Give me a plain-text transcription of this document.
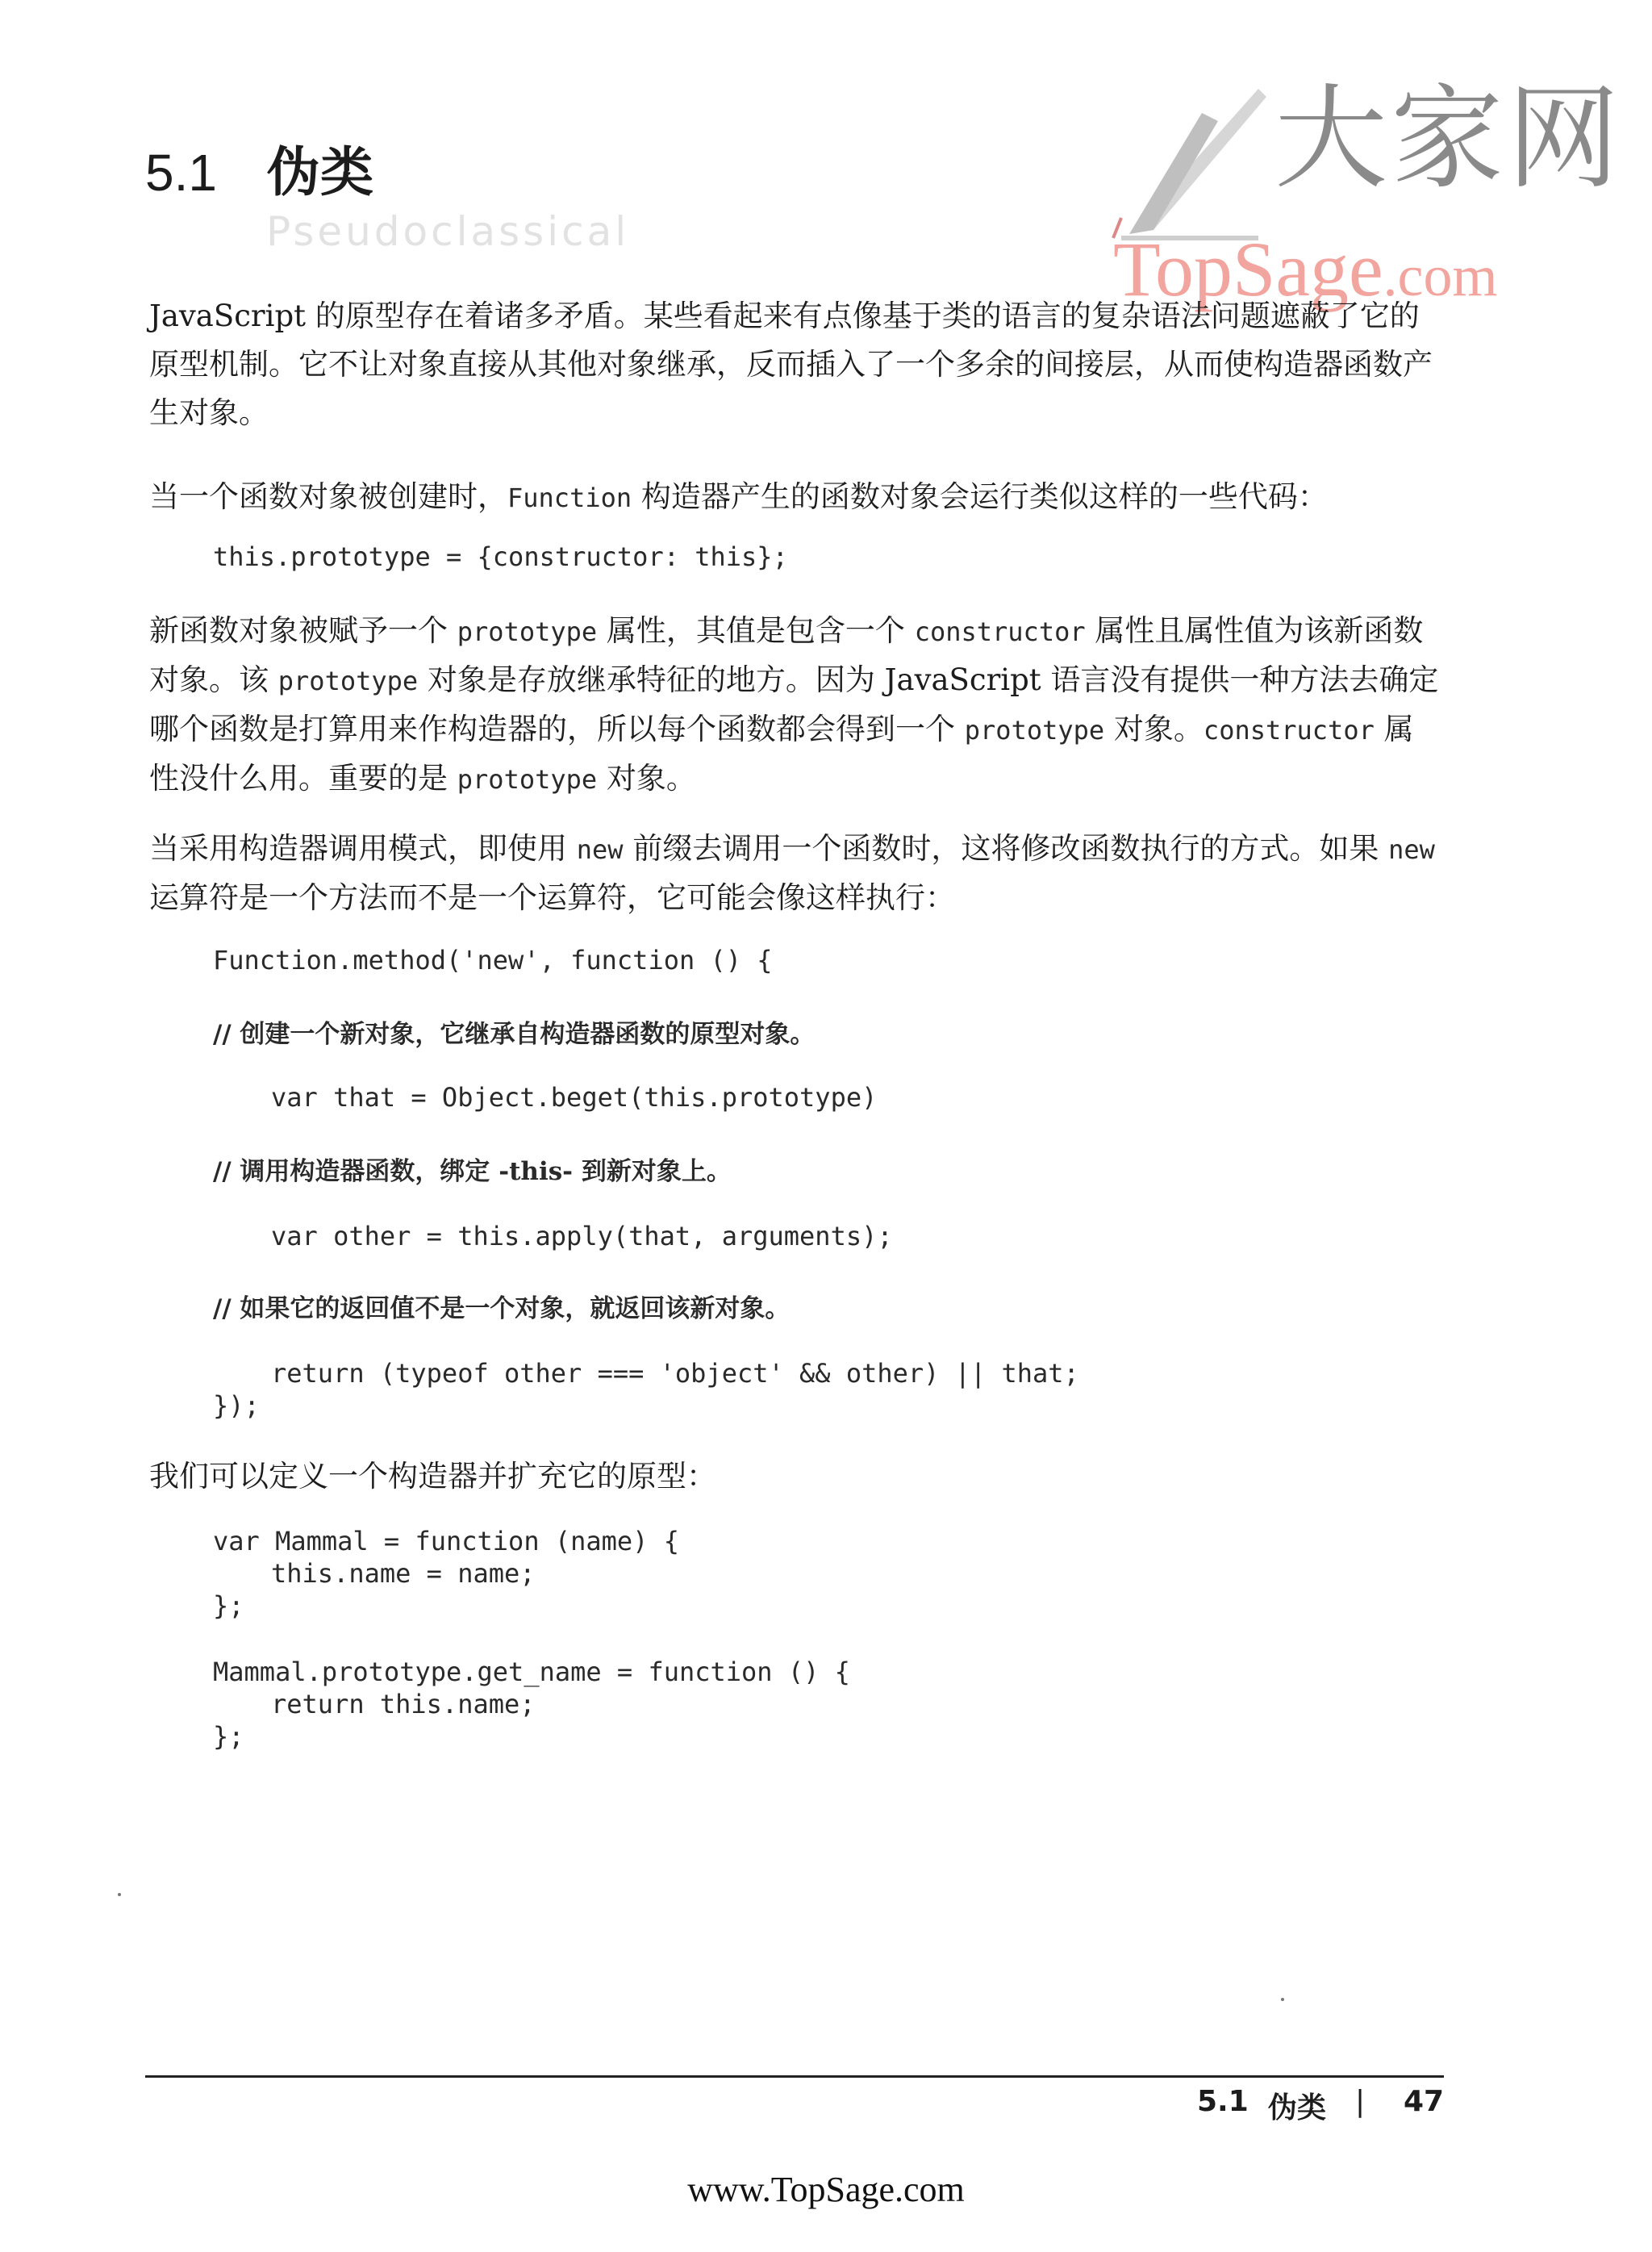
大家网
TopSage.com
5.1 伪类
Pseudoclassical
JavaScript 的原型存在着诸多矛盾。某些看起来有点像基于类的语言的复杂语法问题遮蔽了它的原型机制。它不让对象直接从其他对象继承，反而插入了一个多余的间接层，从而使构造器函数产生对象。
当一个函数对象被创建时，Function 构造器产生的函数对象会运行类似这样的一些代码：
this.prototype = {constructor: this};
新函数对象被赋予一个 prototype 属性，其值是包含一个 constructor 属性且属性值为该新函数对象。该 prototype 对象是存放继承特征的地方。因为 JavaScript 语言没有提供一种方法去确定哪个函数是打算用来作构造器的，所以每个函数都会得到一个 prototype 对象。constructor 属性没什么用。重要的是 prototype 对象。
当采用构造器调用模式，即使用 new 前缀去调用一个函数时，这将修改函数执行的方式。如果 new 运算符是一个方法而不是一个运算符，它可能会像这样执行：
Function.method('new', function () {
// 创建一个新对象，它继承自构造器函数的原型对象。
var that = Object.beget(this.prototype)
// 调用构造器函数，绑定 -this- 到新对象上。
var other = this.apply(that, arguments);
// 如果它的返回值不是一个对象，就返回该新对象。
return (typeof other === 'object' && other) || that;
});
我们可以定义一个构造器并扩充它的原型：
var Mammal = function (name) {
this.name = name;
};
Mammal.prototype.get_name = function () {
return this.name;
};
5.1 伪类 | 47
www.TopSage.com
